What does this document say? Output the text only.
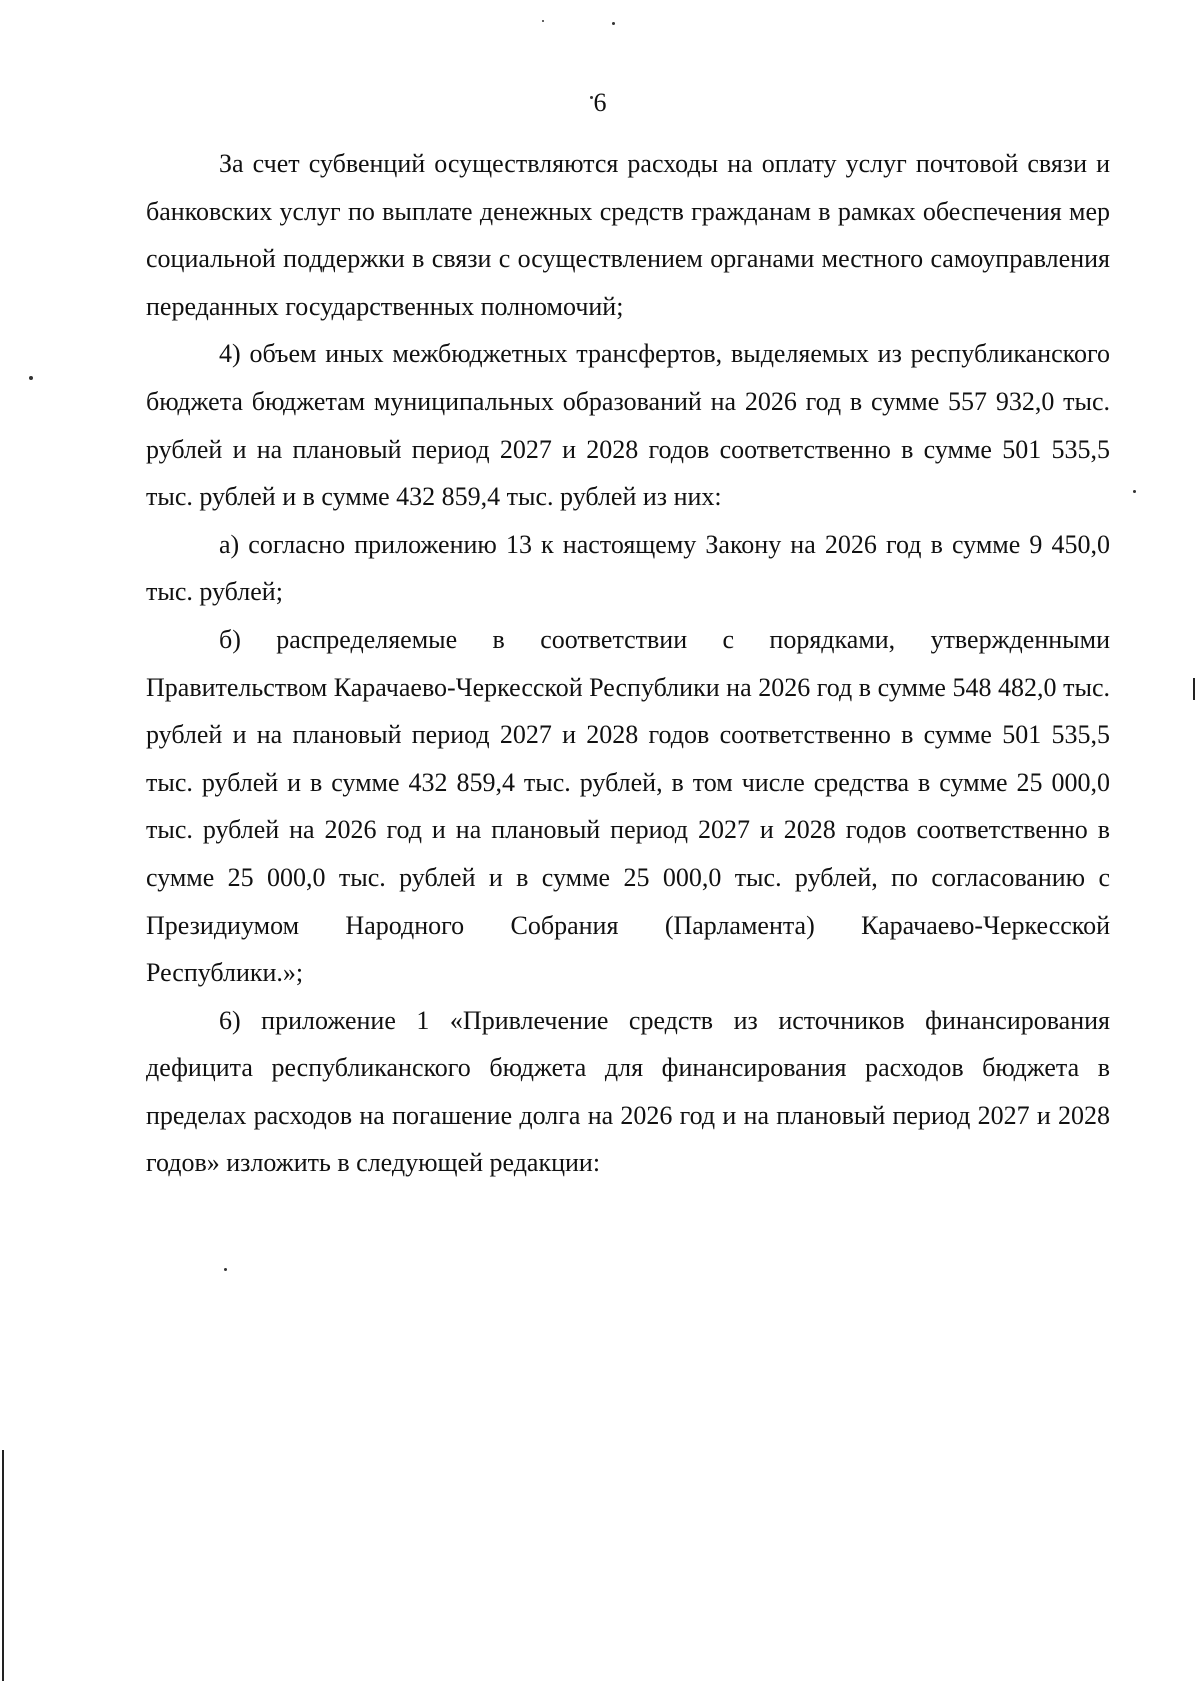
6

За счет субвенций осуществляются расходы на оплату услуг почтовой связи и банковских услуг по выплате денежных средств гражданам в рамках обеспечения мер социальной поддержки в связи с осуществлением органами местного самоуправления переданных государственных полномочий;

4) объем иных межбюджетных трансфертов, выделяемых из республиканского бюджета бюджетам муниципальных образований на 2026 год в сумме 557 932,0 тыс. рублей и на плановый период 2027 и 2028 годов соответственно в сумме 501 535,5 тыс. рублей и в сумме 432 859,4 тыс. рублей из них:

а) согласно приложению 13 к настоящему Закону на 2026 год в сумме 9 450,0 тыс. рублей;

б) распределяемые в соответствии с порядками, утвержденными Правительством Карачаево-Черкесской Республики на 2026 год в сумме 548 482,0 тыс. рублей и на плановый период 2027 и 2028 годов соответственно в сумме 501 535,5 тыс. рублей и в сумме 432 859,4 тыс. рублей, в том числе средства в сумме 25 000,0 тыс. рублей на 2026 год и на плановый период 2027 и 2028 годов соответственно в сумме 25 000,0 тыс. рублей и в сумме 25 000,0 тыс. рублей, по согласованию с Президиумом Народного Собрания (Парламента) Карачаево-Черкесской Республики.»;

6) приложение 1 «Привлечение средств из источников финансирования дефицита республиканского бюджета для финансирования расходов бюджета в пределах расходов на погашение долга на 2026 год и на плановый период 2027 и 2028 годов» изложить в следующей редакции:
